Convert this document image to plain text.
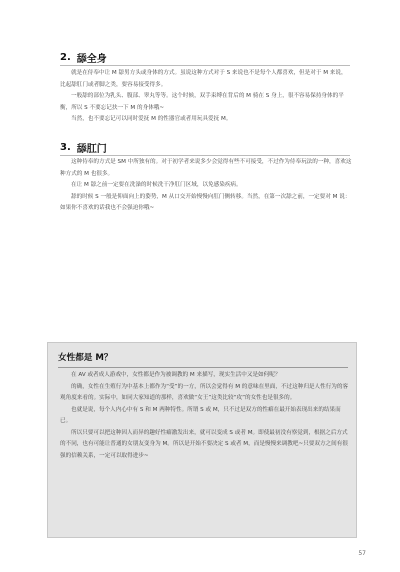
2. 舔全身

就是在侍奉中让 M 舔男方头或身体的方式。虽说这种方式对于 S 来说也不是每个人都喜欢，但是对于 M 来说，比起舔肛门或者脚之类，要容易接受得多。

一般舔的部位为乳头、腹部、睾丸等等。这个时候，双手束缚在背后的 M 骑在 S 身上，很不容易保持身体的平衡，所以 S 不要忘记扶一下 M 的身体哦~

当然，也不要忘记可以同时爱抚 M 的性器官或者用玩具爱抚 M。

3. 舔肛门

这种侍奉的方式是 SM 中所独有的。对于初学者来说多少会觉得有些不可接受，不过作为侍奉玩法的一种，喜欢这种方式的 M 也很多。

在让 M 舔之前一定要在洗澡的时候洗干净肛门区域，以免感染疾病。

舔的时候 S 一般是仰面向上的姿势，M 从口交开始慢慢向肛门侧转移。当然，在第一次舔之前，一定要对 M 说：如果你不喜欢的话我也不会强迫你哦~

女性都是 M？

在 AV 或者成人游戏中，女性都是作为被调教的 M 来描写，现实生活中又是如何呢？

的确，女性在生殖行为中基本上都作为“受”的一方，所以会觉得有 M 的意味在里面，不过这种归是人性行为的客观角度来看的。实际中，如同大家知道的那样，喜欢做“女王”这类比较“攻”的女性也是很多的。

也就是说，每个人内心中有 S 和 M 两种特性。所谓 S 或 M，只不过是双方的性癖在最开始表现出来的结果而已。

所以只要可以把这种因人而异的趣好性癖激发出来，就可以变成 S 或者 M。即使最初没有察觉到，根据之后方式的不同，也有可能让普通的女朋友变身为 M。所以是开始不要决定 S 或者 M，而是慢慢来调教吧~只要双方之间有很强的信赖关系，一定可以取得进步~

57
